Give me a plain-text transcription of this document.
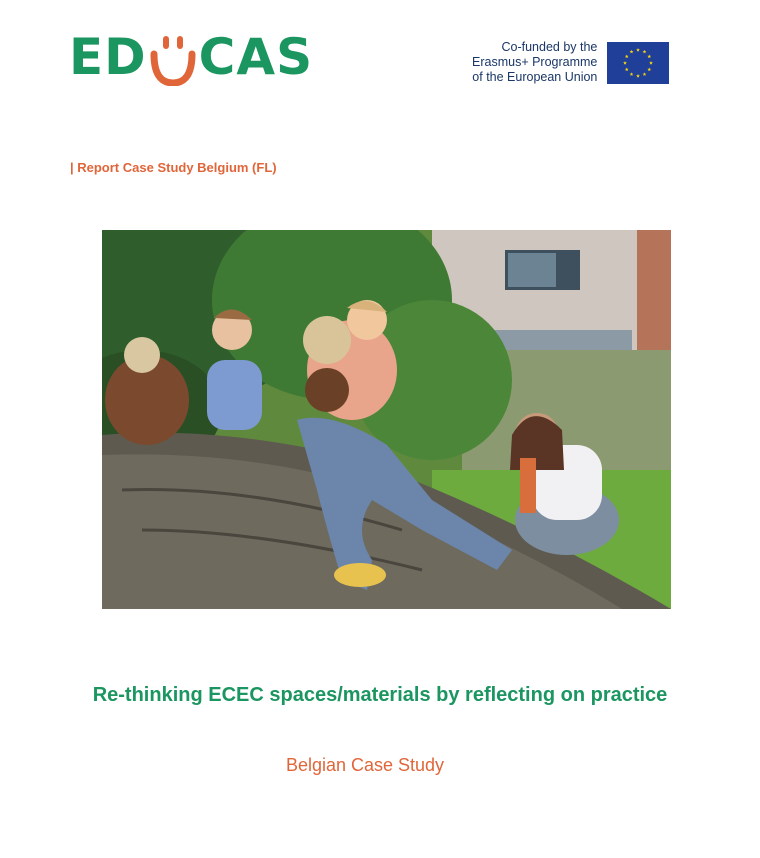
ED CAS	Co-funded by the
Erasmus+ Programme
of the European Union
| Report Case Study Belgium (FL)
Re-thinking ECEC spaces/materials by reflecting on practice
Belgian Case Study
